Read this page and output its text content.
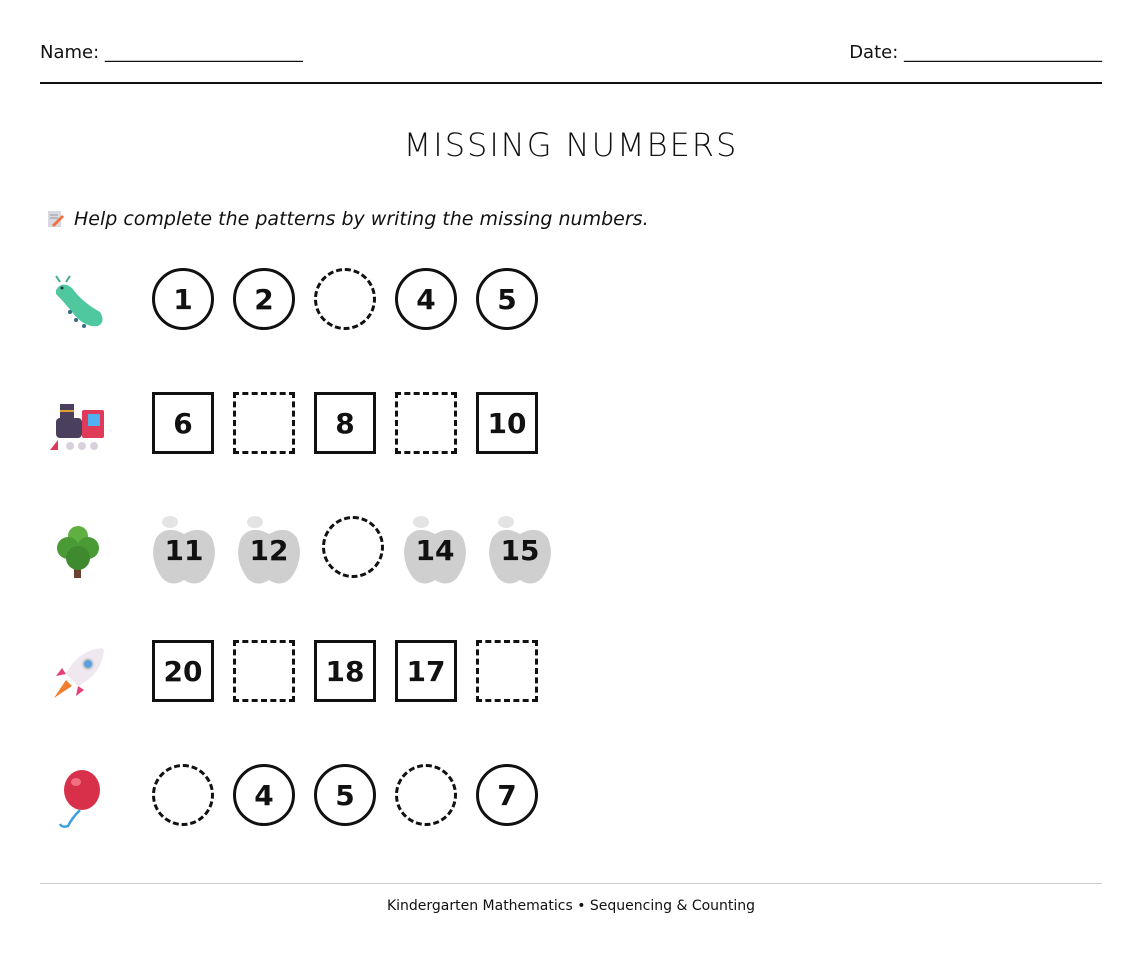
Name: ______________________	Date: ______________________
MISSING NUMBERS
Help complete the patterns by writing the missing numbers.
1 2	4 5
6	8	10
11 12	14 15
20	18 17
4 5	7
Kindergarten Mathematics • Sequencing & Counting
